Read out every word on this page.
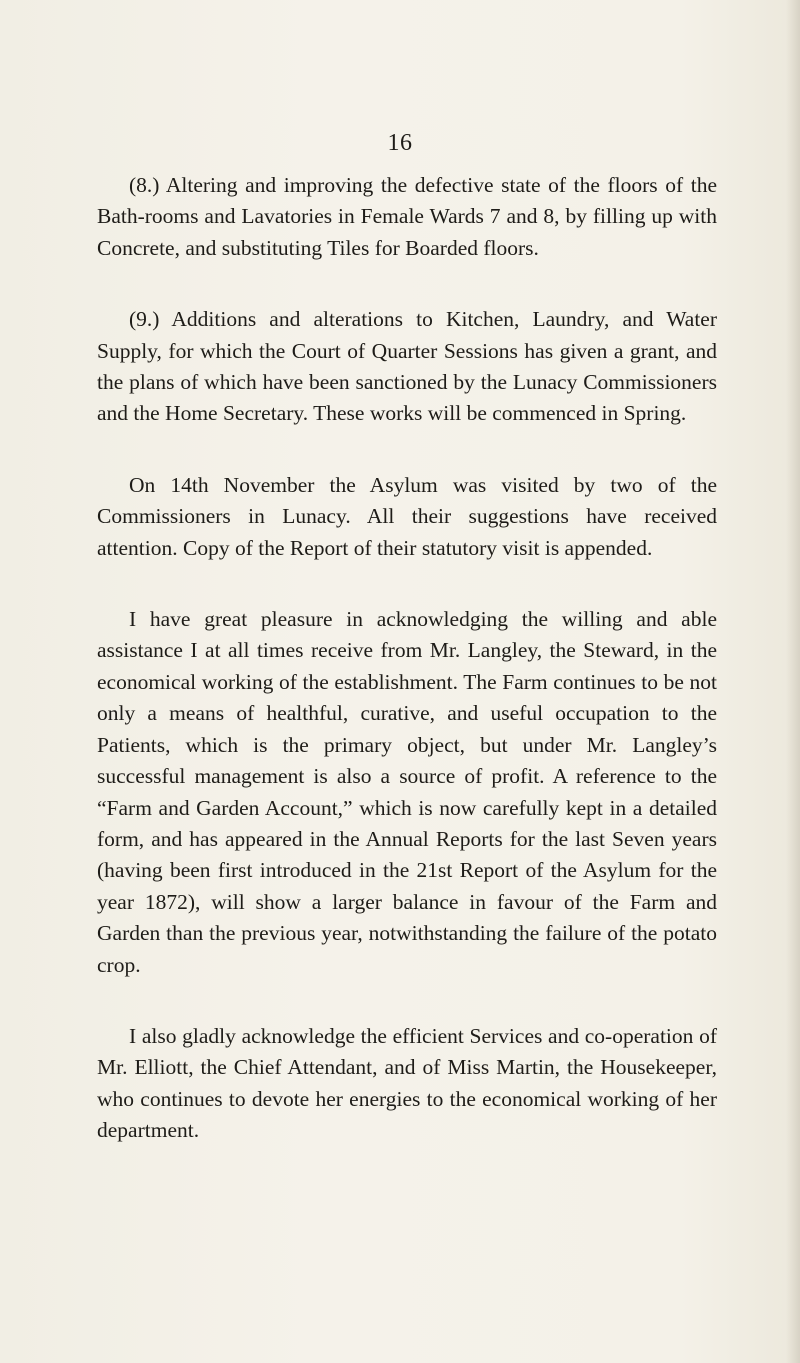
16

(8.) Altering and improving the defective state of the floors of the Bath-rooms and Lavatories in Female Wards 7 and 8, by filling up with Concrete, and substituting Tiles for Boarded floors.

(9.) Additions and alterations to Kitchen, Laundry, and Water Supply, for which the Court of Quarter Sessions has given a grant, and the plans of which have been sanctioned by the Lunacy Commissioners and the Home Secretary. These works will be commenced in Spring.

On 14th November the Asylum was visited by two of the Commissioners in Lunacy. All their suggestions have received attention. Copy of the Report of their statutory visit is appended.

I have great pleasure in acknowledging the willing and able assistance I at all times receive from Mr. Langley, the Steward, in the economical working of the establishment. The Farm continues to be not only a means of healthful, curative, and useful occupation to the Patients, which is the primary object, but under Mr. Langley’s successful management is also a source of profit. A reference to the “Farm and Garden Account,” which is now carefully kept in a detailed form, and has appeared in the Annual Reports for the last Seven years (having been first introduced in the 21st Report of the Asylum for the year 1872), will show a larger balance in favour of the Farm and Garden than the previous year, notwithstanding the failure of the potato crop.

I also gladly acknowledge the efficient Services and co-operation of Mr. Elliott, the Chief Attendant, and of Miss Martin, the Housekeeper, who continues to devote her energies to the economical working of her department.
